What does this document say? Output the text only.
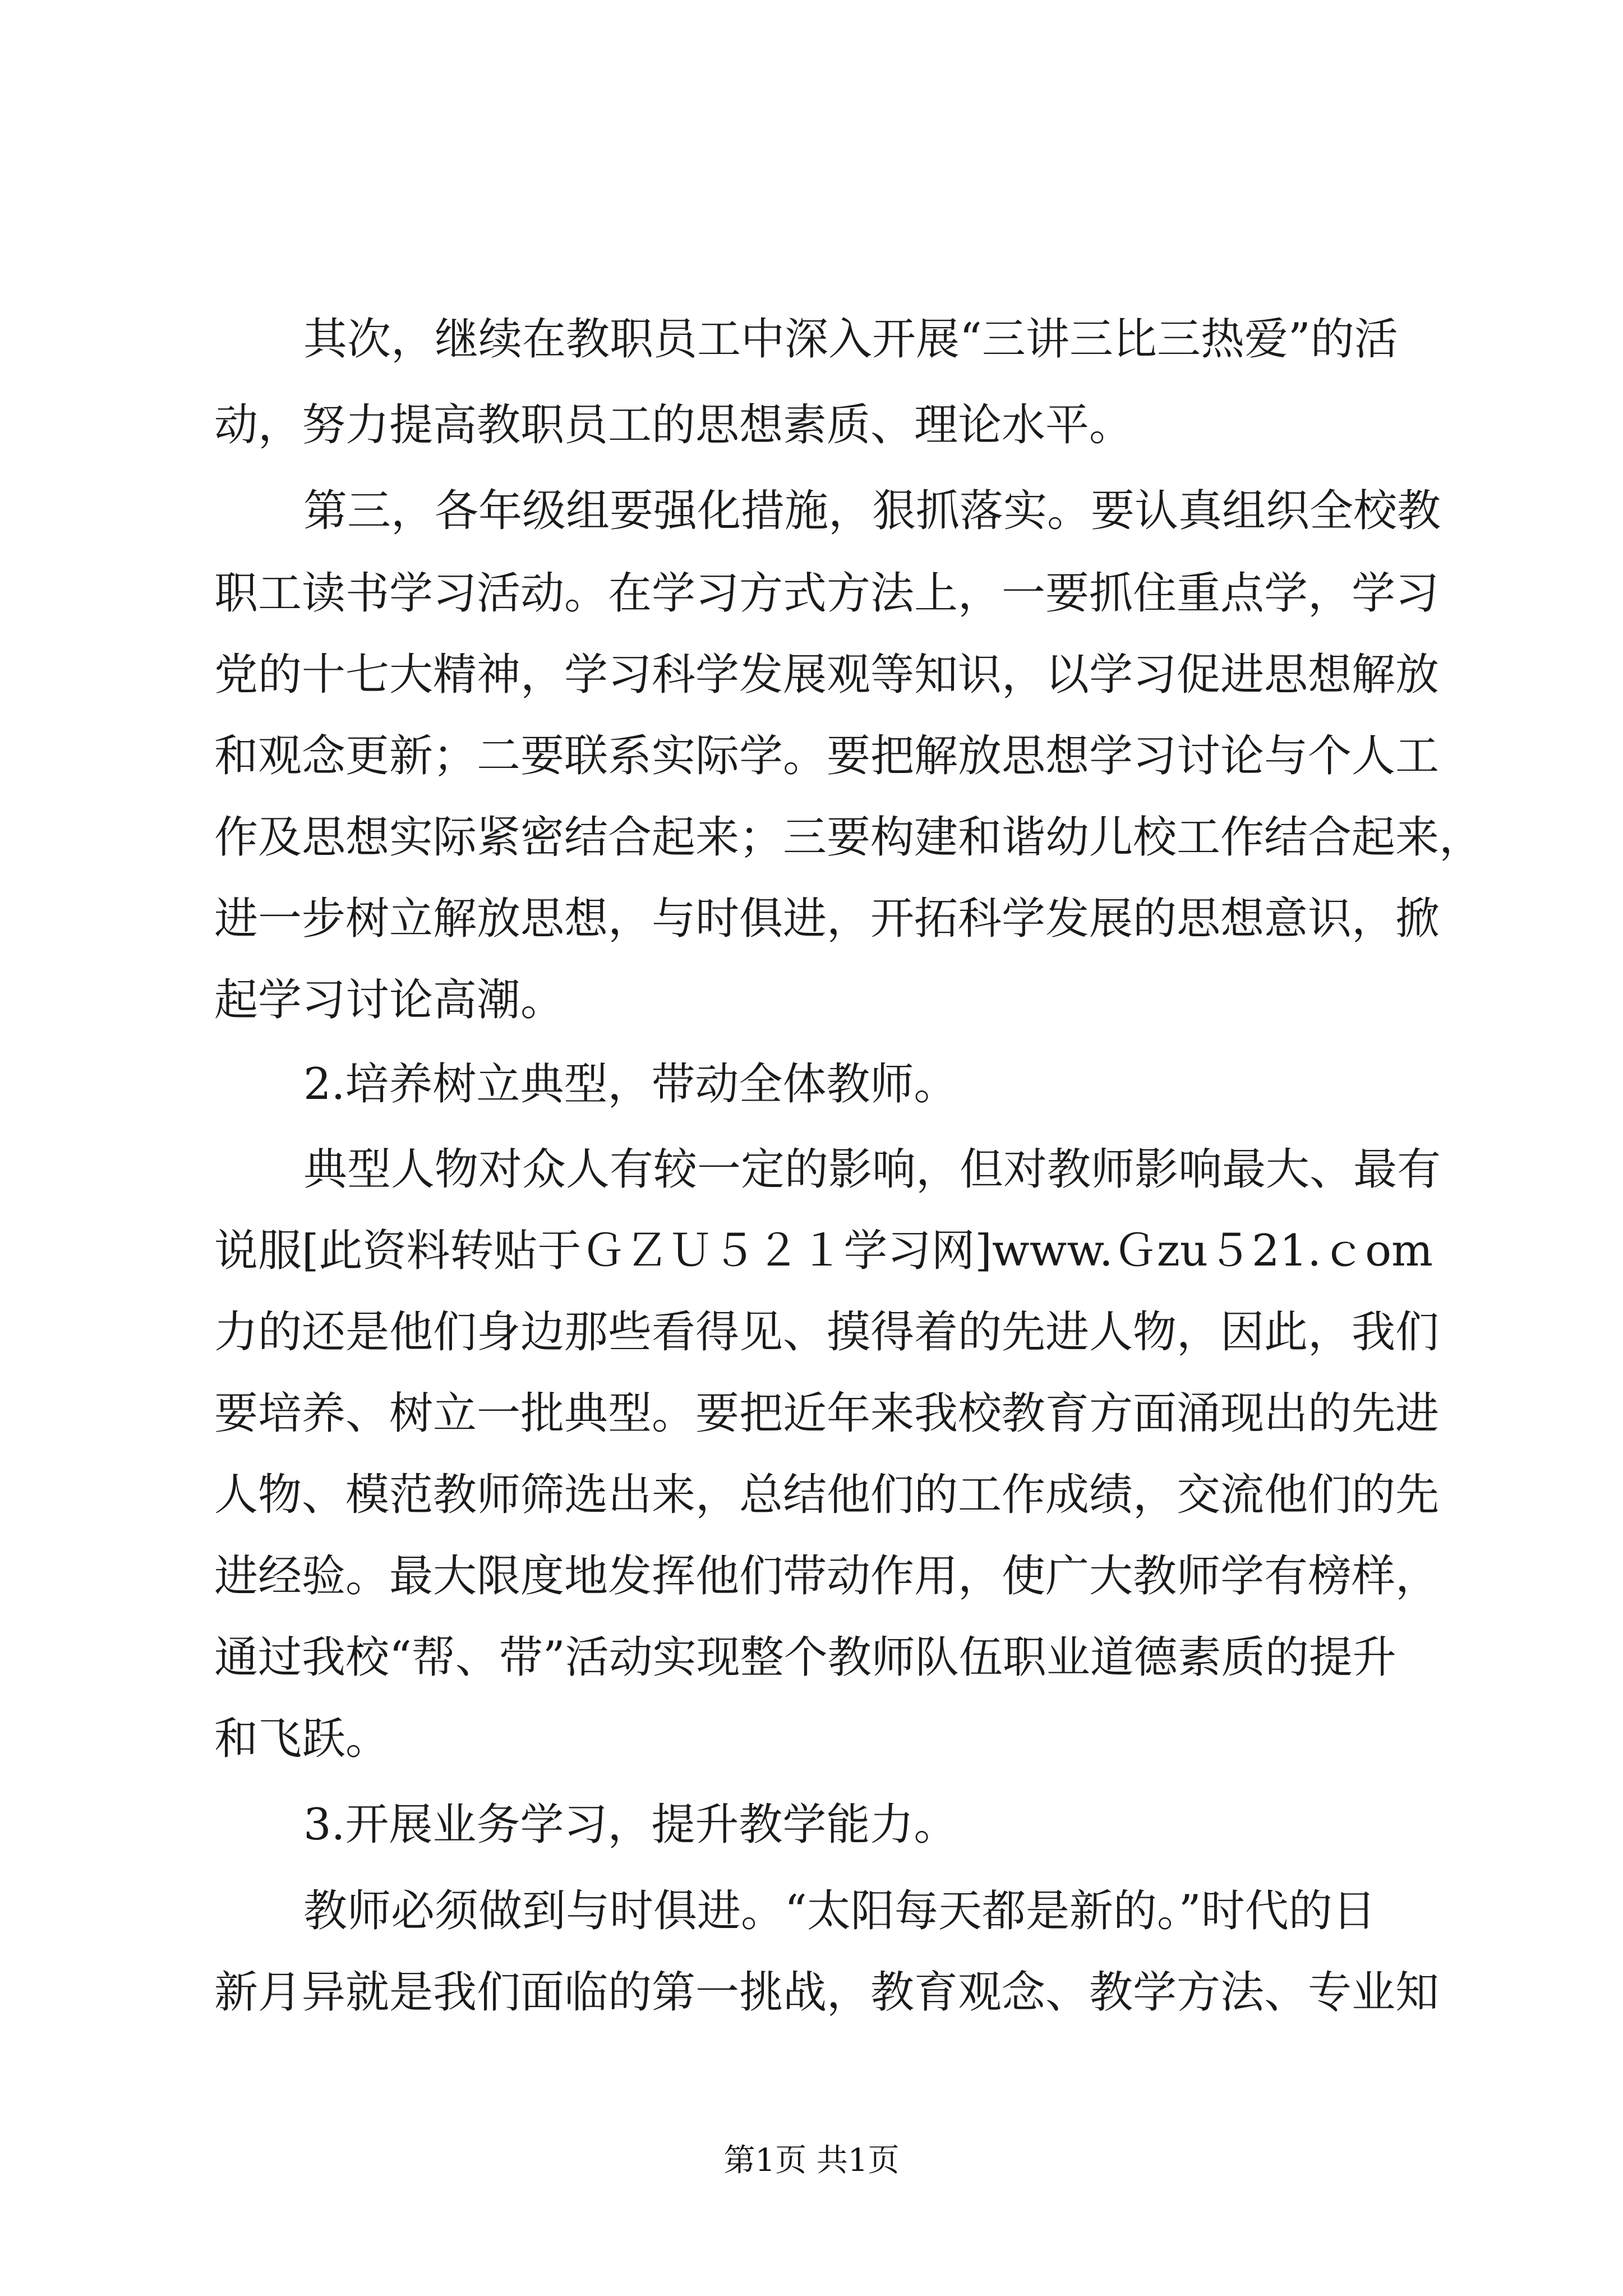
其次，继续在教职员工中深入开展“三讲三比三热爱”的活
动，努力提高教职员工的思想素质、理论水平。
第三，各年级组要强化措施，狠抓落实。要认真组织全校教
职工读书学习活动。在学习方式方法上，一要抓住重点学，学习
党的十七大精神，学习科学发展观等知识，以学习促进思想解放
和观念更新；二要联系实际学。要把解放思想学习讨论与个人工
作及思想实际紧密结合起来；三要构建和谐幼儿校工作结合起来，
进一步树立解放思想，与时俱进，开拓科学发展的思想意识，掀
起学习讨论高潮。
2.培养树立典型，带动全体教师。
典型人物对众人有较一定的影响，但对教师影响最大、最有
说服[此资料转贴于ＧＺＵ５２１学习网]www.Ｇzu５21.ｃom
力的还是他们身边那些看得见、摸得着的先进人物，因此，我们
要培养、树立一批典型。要把近年来我校教育方面涌现出的先进
人物、模范教师筛选出来，总结他们的工作成绩，交流他们的先
进经验。最大限度地发挥他们带动作用，使广大教师学有榜样，
通过我校“帮、带”活动实现整个教师队伍职业道德素质的提升
和飞跃。
3.开展业务学习，提升教学能力。
教师必须做到与时俱进。“太阳每天都是新的。”时代的日
新月异就是我们面临的第一挑战，教育观念、教学方法、专业知
第1页 共1页
